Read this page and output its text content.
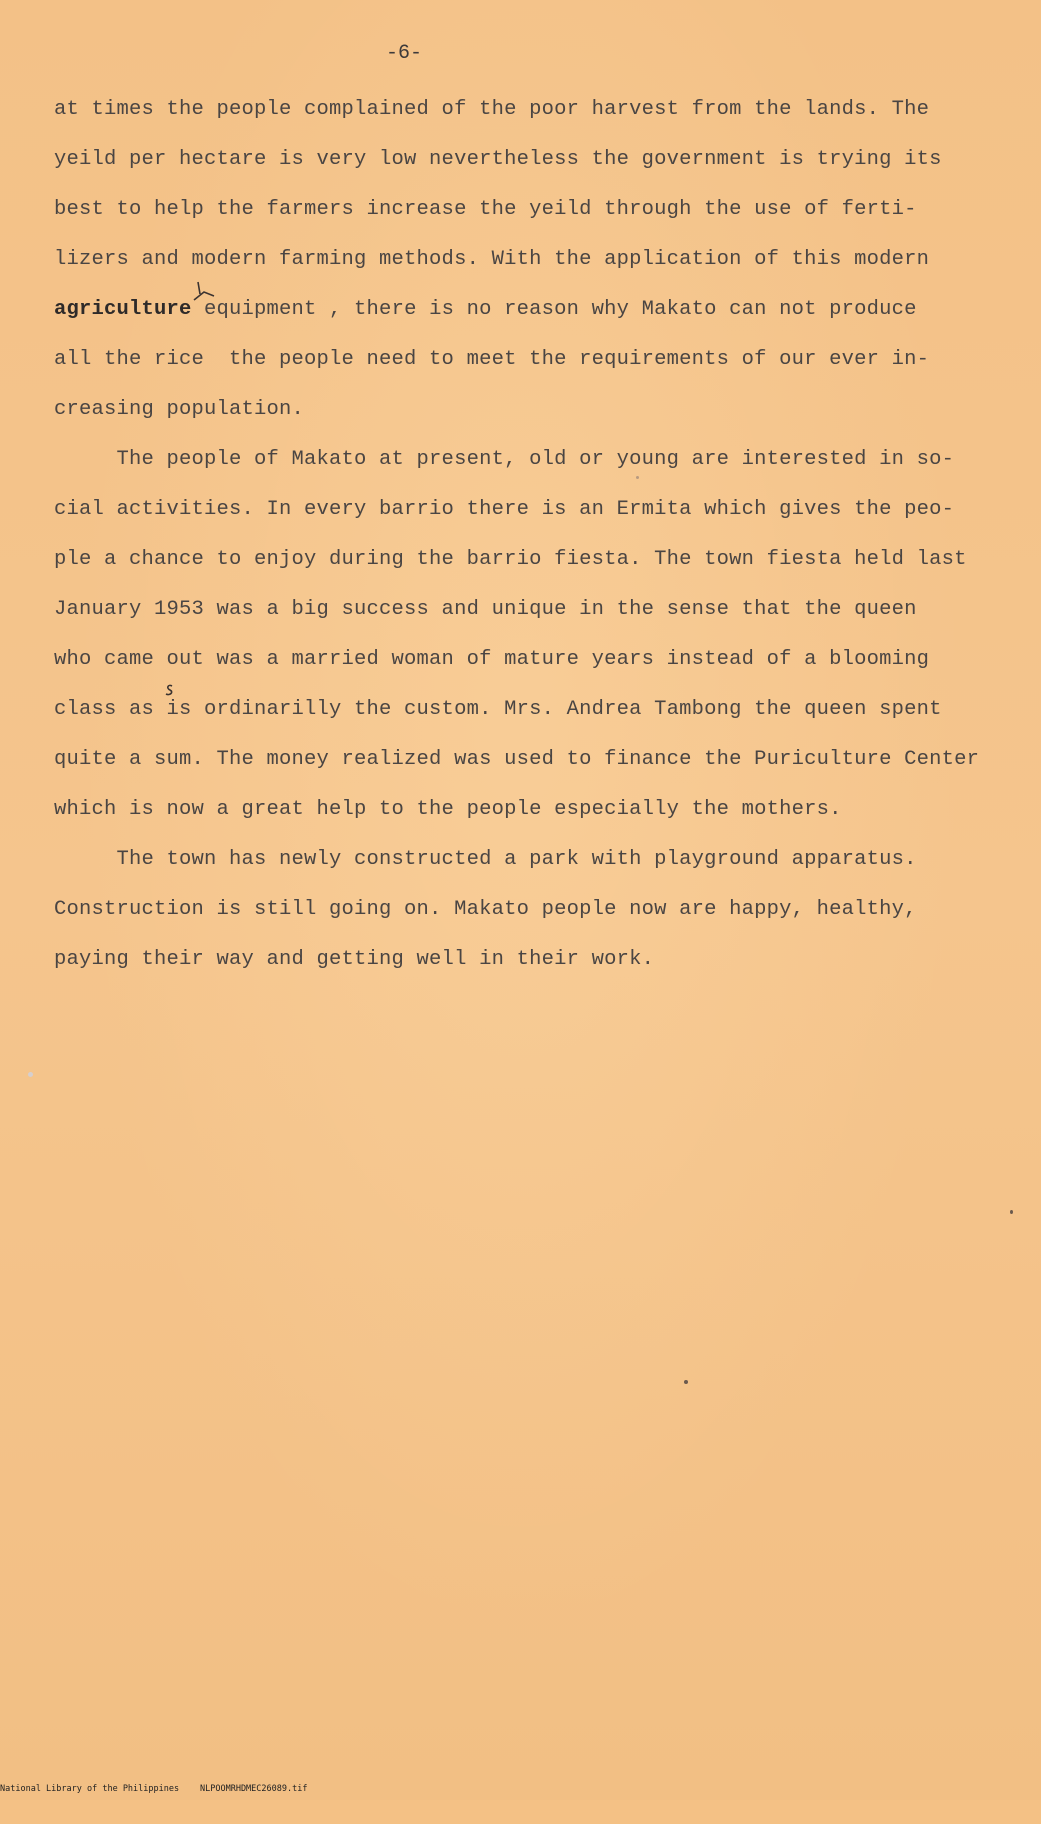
-6-
at times the people complained of the poor harvest from the lands. The
yeild per hectare is very low nevertheless the government is trying its
best to help the farmers increase the yeild through the use of ferti-
lizers and modern farming methods. With the application of this modern
agriculture equipment , there is no reason why Makato can not produce
all the rice  the people need to meet the requirements of our ever in-
creasing population.
The people of Makato at present, old or young are interested in so-
cial activities. In every barrio there is an Ermita which gives the peo-
ple a chance to enjoy during the barrio fiesta. The town fiesta held last
January 1953 was a big success and unique in the sense that the queen
who came out was a married woman of mature years instead of a blooming
class as is ordinarilly the custom. Mrs. Andrea Tambong the queen spent
quite a sum. The money realized was used to finance the Puriculture Center
which is now a great help to the people especially the mothers.
The town has newly constructed a park with playground apparatus.
Construction is still going on. Makato people now are happy, healthy,
paying their way and getting well in their work.

National Library of the Philippines

NLPOOMRHDMEC26089.tif
